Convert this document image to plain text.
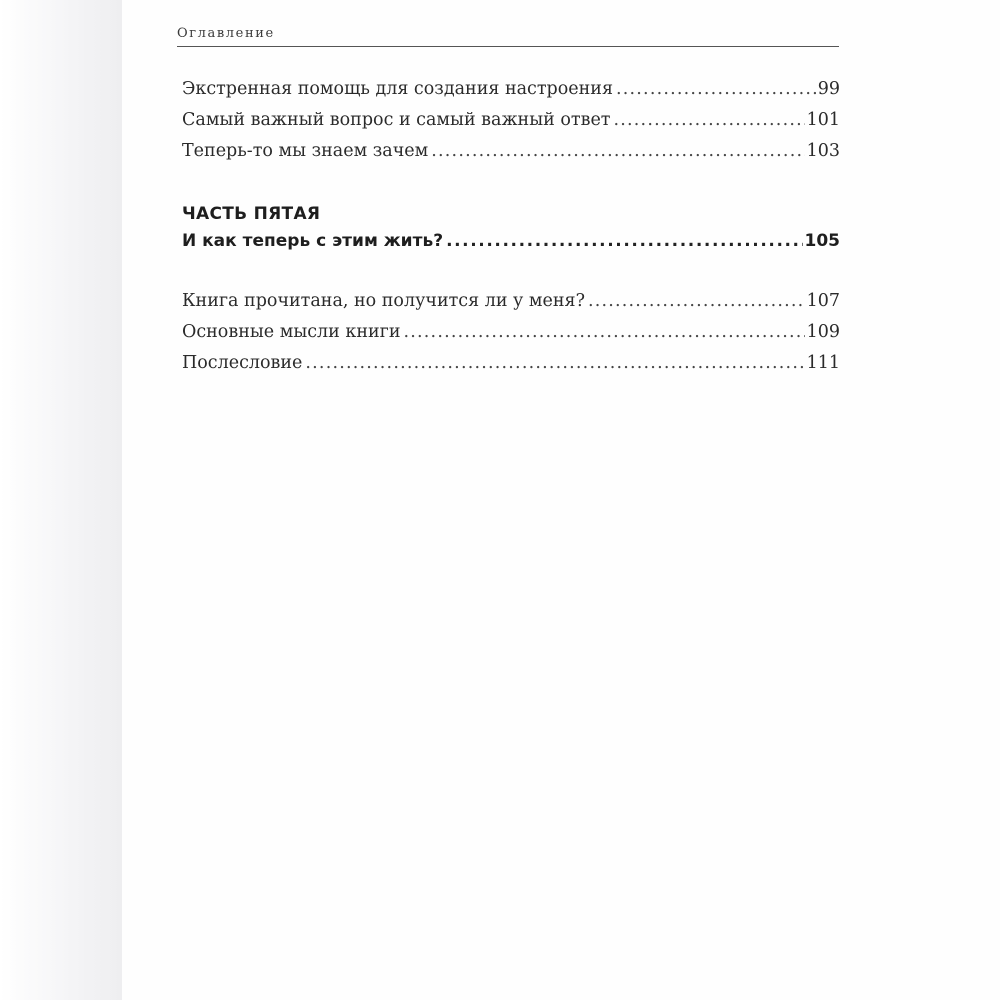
Оглавление
Экстренная помощь для создания настроения .....	99
Самый важный вопрос и самый важный ответ .....	101
Теперь-то мы знаем зачем .....	103
ЧАСТЬ ПЯТАЯ
И как теперь с этим жить? .....	105
Книга прочитана, но получится ли у меня? .....	107
Основные мысли книги .....	109
Послесловие .....	111
